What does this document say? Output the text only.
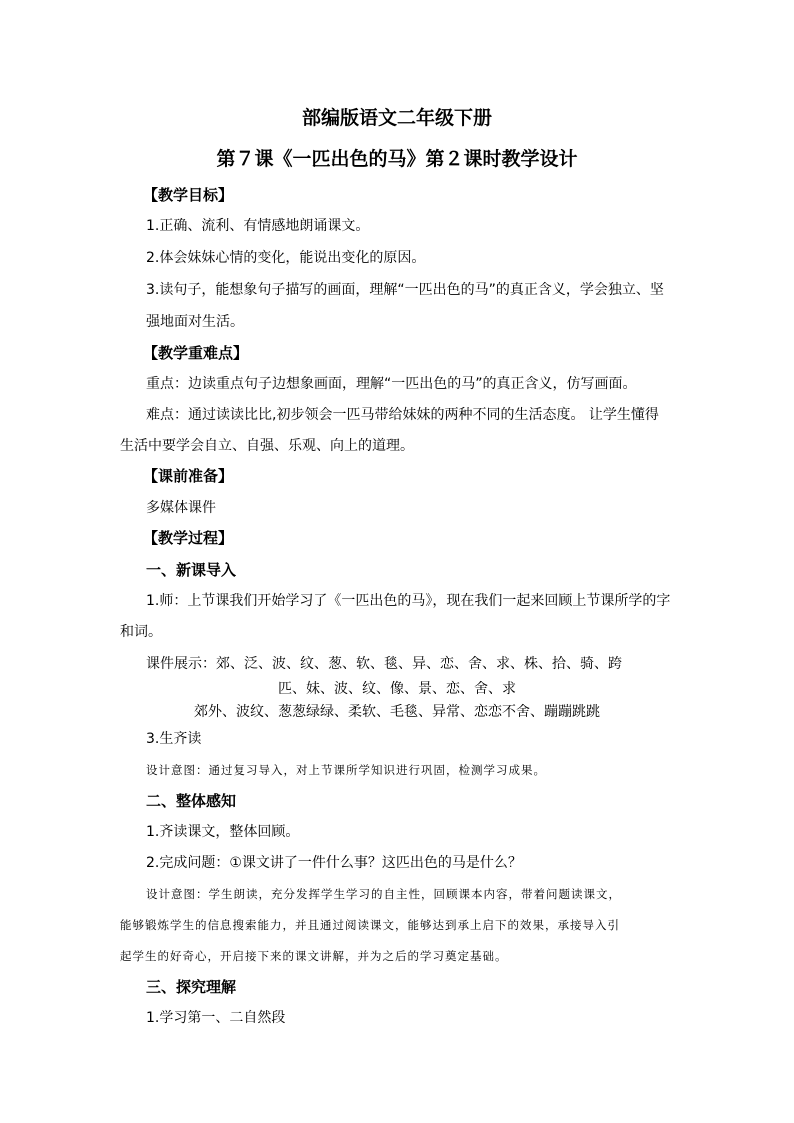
部编版语文二年级下册
第７课《一匹出色的马》第２课时教学设计
【教学目标】
1.正确、流利、有情感地朗诵课文。
2.体会妹妹心情的变化，能说出变化的原因。
3.读句子，能想象句子描写的画面，理解“一匹出色的马”的真正含义，学会独立、坚
强地面对生活。
【教学重难点】
重点：边读重点句子边想象画面，理解“一匹出色的马”的真正含义，仿写画面。
难点：通过读读比比,初步领会一匹马带给妹妹的两种不同的生活态度。 让学生懂得
生活中要学会自立、自强、乐观、向上的道理。
【课前准备】
多媒体课件
【教学过程】
一、新课导入
1.师：上节课我们开始学习了《一匹出色的马》，现在我们一起来回顾上节课所学的字
和词。
课件展示：郊、泛、波、纹、葱、软、毯、异、恋、舍、求、株、拾、骑、跨
匹、妹、波、纹、像、景、恋、舍、求
郊外、波纹、葱葱绿绿、柔软、毛毯、异常、恋恋不舍、蹦蹦跳跳
3.生齐读
设计意图：通过复习导入，对上节课所学知识进行巩固，检测学习成果。
二、整体感知
1.齐读课文，整体回顾。
2.完成问题：①课文讲了一件什么事？这匹出色的马是什么？
设计意图：学生朗读，充分发挥学生学习的自主性，回顾课本内容，带着问题读课文，
能够锻炼学生的信息搜索能力，并且通过阅读课文，能够达到承上启下的效果，承接导入引
起学生的好奇心，开启接下来的课文讲解，并为之后的学习奠定基础。
三、探究理解
1.学习第一、二自然段
